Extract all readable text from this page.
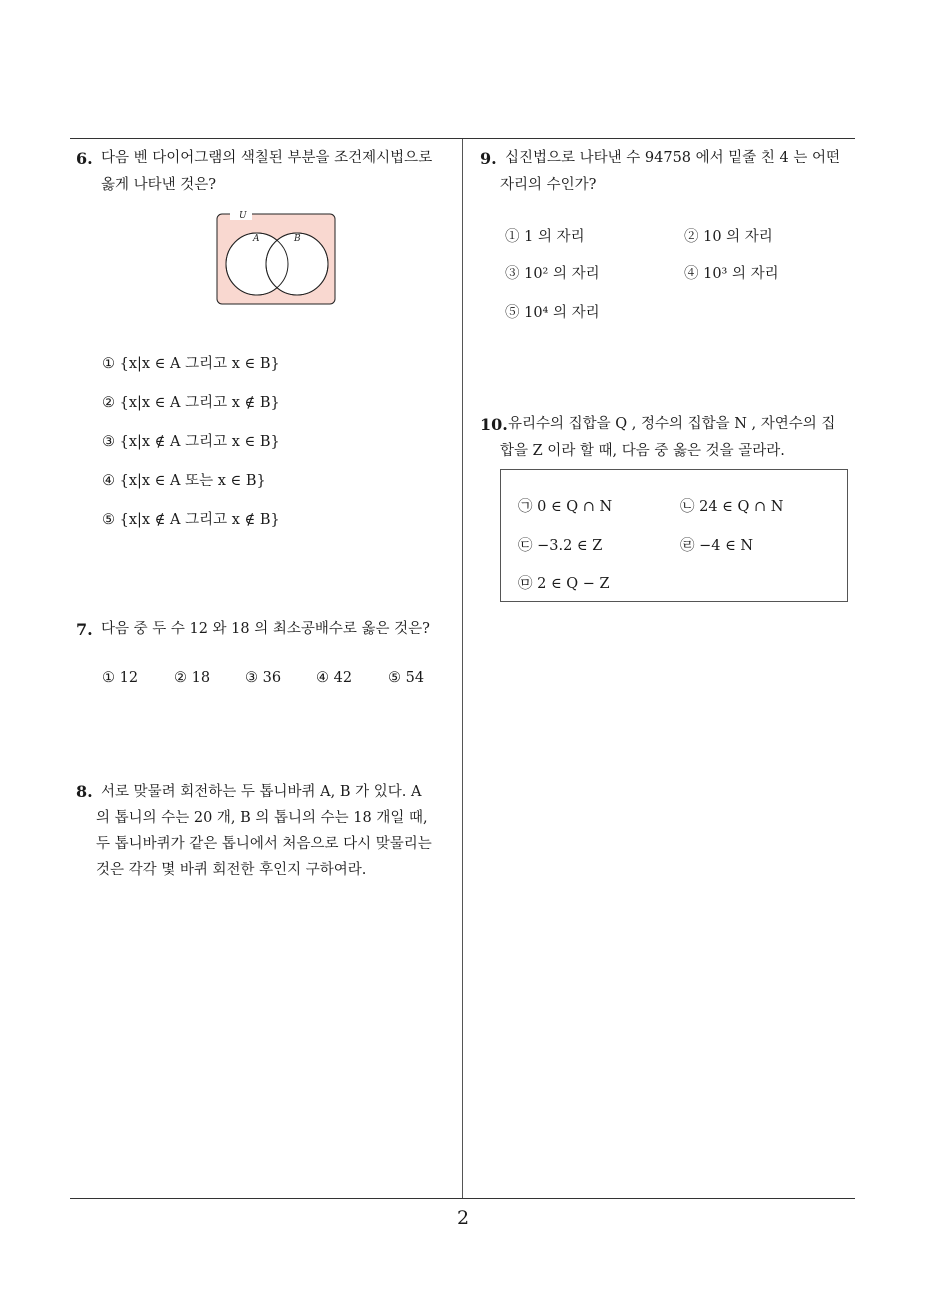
6. 다음 벤 다이어그램의 색칠된 부분을 조건제시법으로
옳게 나타낸 것은?
U
A	B
① {x|x ∈ A 그리고 x ∈ B}
② {x|x ∈ A 그리고 x ∉ B}
③ {x|x ∉ A 그리고 x ∈ B}
④ {x|x ∈ A 또는 x ∈ B}
⑤ {x|x ∉ A 그리고 x ∉ B}
7. 다음 중 두 수 12 와 18 의 최소공배수로 옳은 것은?
① 12 ② 18 ③ 36 ④ 42 ⑤ 54
8. 서로 맞물려 회전하는 두 톱니바퀴 A, B 가 있다. A
의 톱니의 수는 20 개, B 의 톱니의 수는 18 개일 때,
두 톱니바퀴가 같은 톱니에서 처음으로 다시 맞물리는
것은 각각 몇 바퀴 회전한 후인지 구하여라.
9. 십진법으로 나타낸 수 94758 에서 밑줄 친 4 는 어떤
자리의 수인가?
① 1 의 자리	② 10 의 자리
③ 10² 의 자리	④ 10³ 의 자리
⑤ 10⁴ 의 자리
10. 유리수의 집합을 Q , 정수의 집합을 N , 자연수의 집
합을 Z 이라 할 때, 다음 중 옳은 것을 골라라.
㉠ 0 ∈ Q ∩ N	㉡ 24 ∈ Q ∩ N
㉢ −3.2 ∈ Z	㉣ −4 ∈ N
㉤ 2 ∈ Q − Z
2
